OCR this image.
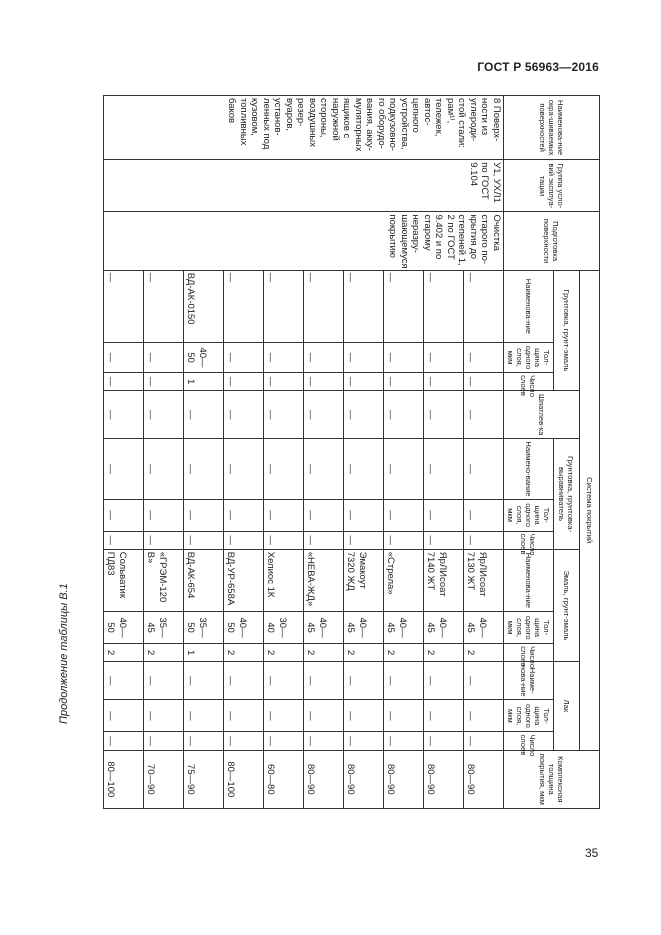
ГОСТ Р 56963—2016
Продолжение таблицы В.1
Наименова-ние окра-шиваемых поверхностей	Группа усло-вий эксплуа-тации	Подготовка поверхности	Система покрытий													Комплексная толщина покрытия, мкм
			Грунтовка, грунт-эмаль			Шпатлев-ка	Грунтовка, грунтовка-выравниватель			Эмаль, грунт-эмаль			Лак			
			Наименова-ние	Тол-щина одного слоя, мкм	Число слоев		Наимено-вание	Тол-щина одного слоя, мкм	Число слоев	Наименова-ние	Тол-щина одного слоя, мкм	Число слоев	Наиме-нова-ние	Тол-щина одного слоя, мкм	Число слоев	
8 Поверх-ности из углероди-стой стали: рам¹⁾, тележек, автос-цепного устройства, подкузовно-го оборудо-вания, акку-муляторных ящиков с наружной стороны, воздушных резер-вуаров, установ-ленных под кузовом, топливных баков	У1, УХЛ1 по ГОСТ 9.104	Очистка старого по-крытия до степеней 1, 2 по ГОСТ 9.402 и по старому неразру-шающемуся покрытию	—	—	—	—	—	—	—	ЯрЛИсоат 7130 ЖТ	40—45	2	—	—	—	80—90
			—	—	—	—	—	—	—	ЯрЛИсоат 7140 ЖТ	40—45	2	—	—	—	80—90
			—	—	—	—	—	—	—	«Стрела»	40—45	2	—	—	—	80—90
			—	—	—	—	—	—	—	Эмакоут 7320 ЖД	40—45	2	—	—	—	80—90
			—	—	—	—	—	—	—	«НЕВА-ЖД»	40—45	2	—	—	—	80—90
			—	—	—	—	—	—	—	Хелиос 1К	30—40	2	—	—	—	60—80
			—	—	—	—	—	—	—	ВД-УР-658А	40—50	2	—	—	—	80—100
			ВД-АК-0150	40—50	1	—	—	—	—	ВД-АК-654	35—50	1	—	—	—	75—90
			—	—	—	—	—	—	—	«ГРЭМ-120 В»	35—45	2	—	—	—	70—90
			—	—	—	—	—	—	—	Сольватик ПД83	40—50	2	—	—	—	80—100
35
